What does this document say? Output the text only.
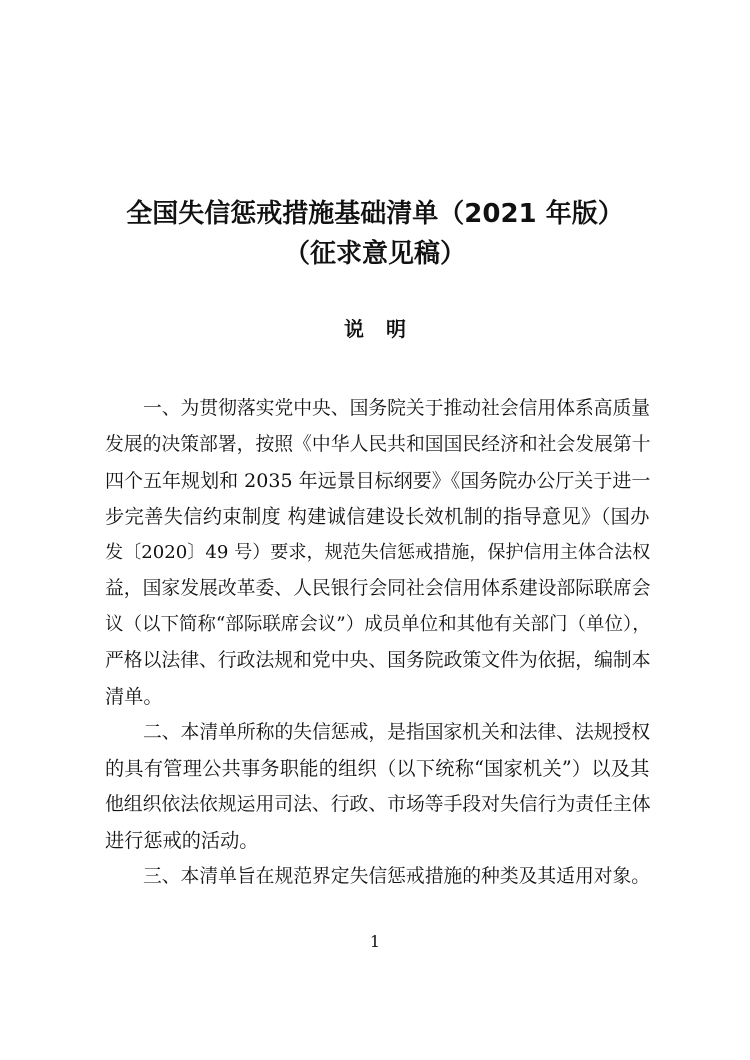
全国失信惩戒措施基础清单（2021 年版）
（征求意见稿）
说明
一、为贯彻落实党中央、国务院关于推动社会信用体系高质量
发展的决策部署，按照《中华人民共和国国民经济和社会发展第十
四个五年规划和 2035 年远景目标纲要》《国务院办公厅关于进一
步完善失信约束制度 构建诚信建设长效机制的指导意见》（国办
发〔2020〕49 号）要求，规范失信惩戒措施，保护信用主体合法权
益，国家发展改革委、人民银行会同社会信用体系建设部际联席会
议（以下简称“部际联席会议”）成员单位和其他有关部门（单位），
严格以法律、行政法规和党中央、国务院政策文件为依据，编制本
清单。
二、本清单所称的失信惩戒，是指国家机关和法律、法规授权
的具有管理公共事务职能的组织（以下统称“国家机关”）以及其
他组织依法依规运用司法、行政、市场等手段对失信行为责任主体
进行惩戒的活动。
三、本清单旨在规范界定失信惩戒措施的种类及其适用对象。
1
